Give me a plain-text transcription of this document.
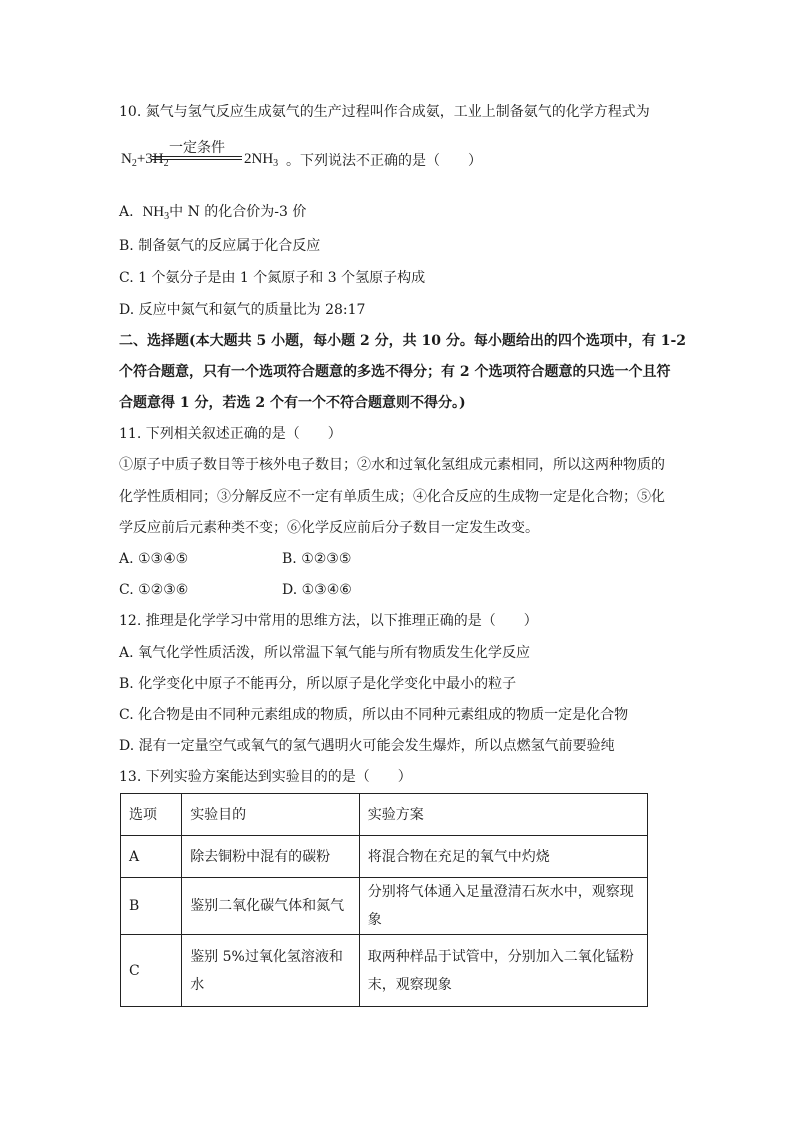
10. 氮气与氢气反应生成氨气的生产过程叫作合成氨，工业上制备氨气的化学方程式为
一定条件
$N_2+3H_2$	$2NH_3$ 。下列说法不正确的是（　　）
A. $NH_3$中 N 的化合价为-3 价
B. 制备氨气的反应属于化合反应
C. 1 个氨分子是由 1 个氮原子和 3 个氢原子构成
D. 反应中氮气和氨气的质量比为 28:17
二、选择题(本大题共 5 小题，每小题 2 分，共 10 分。每小题给出的四个选项中，有 1-2
个符合题意，只有一个选项符合题意的多选不得分；有 2 个选项符合题意的只选一个且符
合题意得 1 分，若选 2 个有一个不符合题意则不得分。)
11. 下列相关叙述正确的是（　　）
①原子中质子数目等于核外电子数目；②水和过氧化氢组成元素相同，所以这两种物质的
化学性质相同；③分解反应不一定有单质生成；④化合反应的生成物一定是化合物；⑤化
学反应前后元素种类不变；⑥化学反应前后分子数目一定发生改变。
A. ①③④⑤	B. ①②③⑤
C. ①②③⑥	D. ①③④⑥
12. 推理是化学学习中常用的思维方法，以下推理正确的是（　　）
A. 氧气化学性质活泼，所以常温下氧气能与所有物质发生化学反应
B. 化学变化中原子不能再分，所以原子是化学变化中最小的粒子
C. 化合物是由不同种元素组成的物质，所以由不同种元素组成的物质一定是化合物
D. 混有一定量空气或氧气的氢气遇明火可能会发生爆炸，所以点燃氢气前要验纯
13. 下列实验方案能达到实验目的的是（　　）
选项	实验目的	实验方案
A	除去铜粉中混有的碳粉	将混合物在充足的氧气中灼烧
B	鉴别二氧化碳气体和氮气	分别将气体通入足量澄清石灰水中，观察现象
C	鉴别 5%过氧化氢溶液和水	取两种样品于试管中，分别加入二氧化锰粉末，观察现象
